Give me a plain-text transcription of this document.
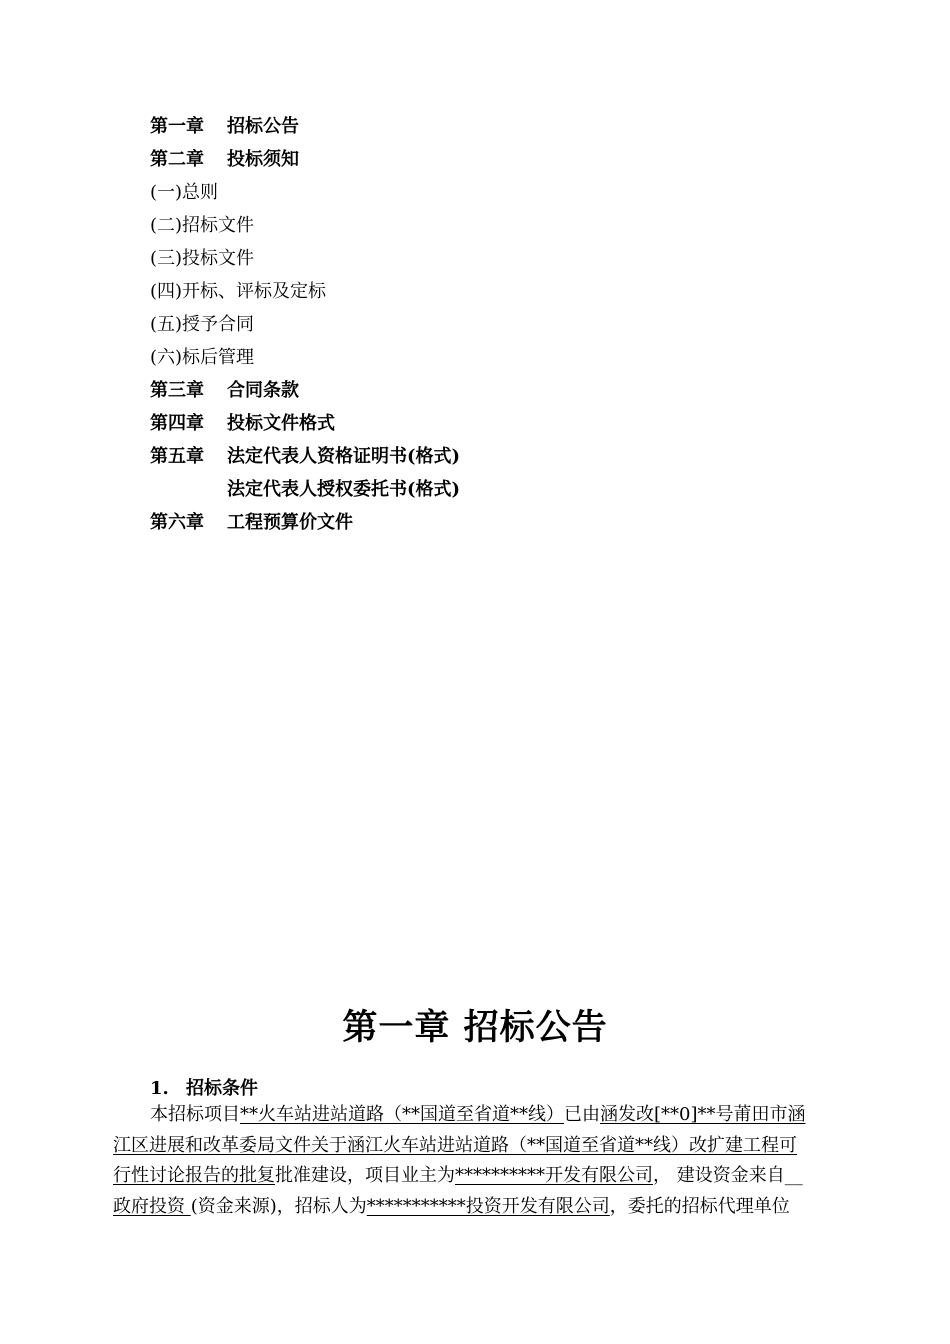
第一章 招标公告
第二章 投标须知
(一)总则
(二)招标文件
(三)投标文件
(四)开标、评标及定标
(五)授予合同
(六)标后管理
第三章 合同条款
第四章 投标文件格式
第五章 法定代表人资格证明书(格式)
法定代表人授权委托书(格式)
第六章 工程预算价文件
第一章 招标公告
1. 招标条件
本招标项目**火车站进站道路（**国道至省道**线）已由涵发改[**0]**号莆田市涵
江区进展和改革委局文件关于涵江火车站进站道路（**国道至省道**线）改扩建工程可
行性讨论报告的批复批准建设，项目业主为**********开发有限公司， 建设资金来自__
政府投资 (资金来源)，招标人为***********投资开发有限公司，委托的招标代理单位
